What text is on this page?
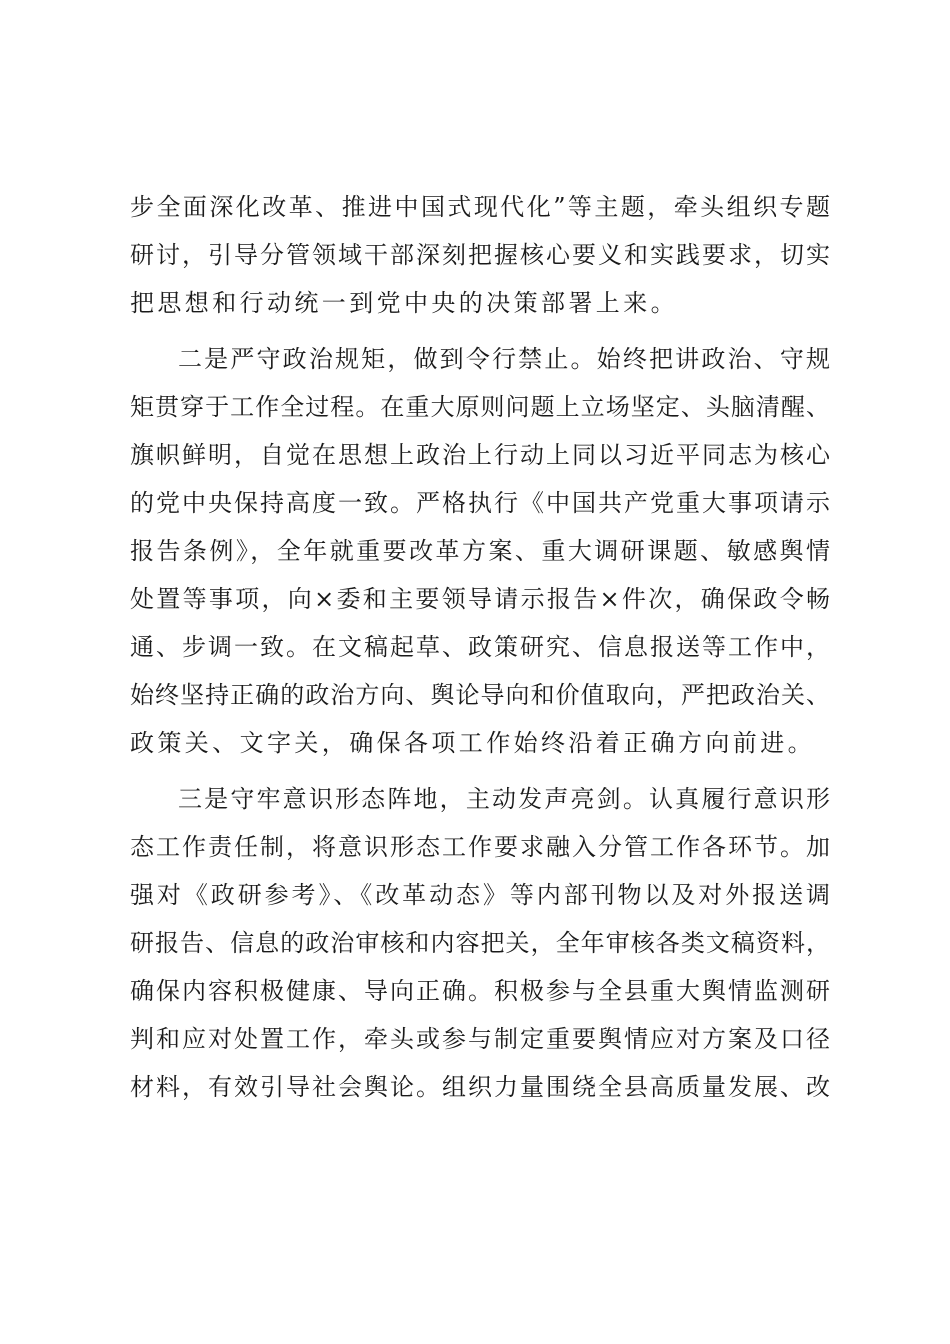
步全面深化改革、推进中国式现代化”等主题，牵头组织专题
研讨，引导分管领域干部深刻把握核心要义和实践要求，切实
把思想和行动统一到党中央的决策部署上来。
二是严守政治规矩，做到令行禁止。始终把讲政治、守规
矩贯穿于工作全过程。在重大原则问题上立场坚定、头脑清醒、
旗帜鲜明，自觉在思想上政治上行动上同以习近平同志为核心
的党中央保持高度一致。严格执行《中国共产党重大事项请示
报告条例》，全年就重要改革方案、重大调研课题、敏感舆情
处置等事项，向×委和主要领导请示报告×件次，确保政令畅
通、步调一致。在文稿起草、政策研究、信息报送等工作中，
始终坚持正确的政治方向、舆论导向和价值取向，严把政治关、
政策关、文字关，确保各项工作始终沿着正确方向前进。
三是守牢意识形态阵地，主动发声亮剑。认真履行意识形
态工作责任制，将意识形态工作要求融入分管工作各环节。加
强对《政研参考》、《改革动态》等内部刊物以及对外报送调
研报告、信息的政治审核和内容把关，全年审核各类文稿资料，
确保内容积极健康、导向正确。积极参与全县重大舆情监测研
判和应对处置工作，牵头或参与制定重要舆情应对方案及口径
材料，有效引导社会舆论。组织力量围绕全县高质量发展、改
